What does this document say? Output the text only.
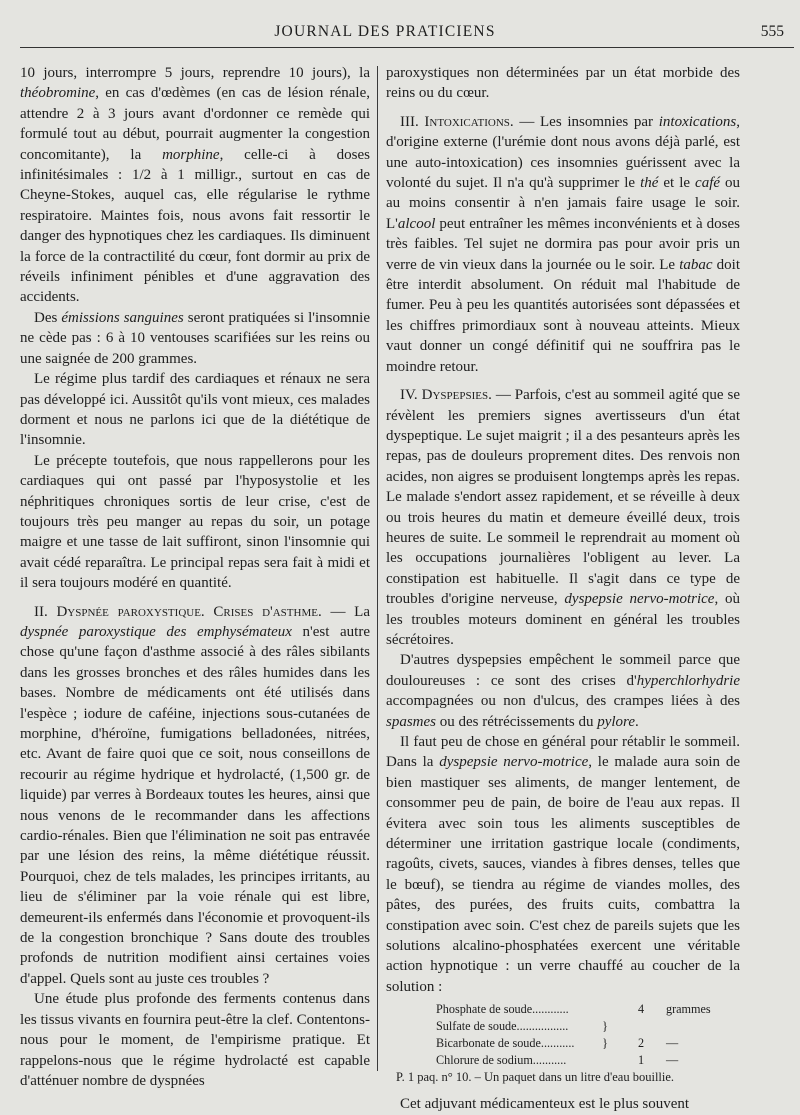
JOURNAL DES PRATICIENS	555

10 jours, interrompre 5 jours, reprendre 10 jours), la théobromine, en cas d'œdèmes (en cas de lésion rénale, attendre 2 à 3 jours avant d'ordonner ce remède qui formulé tout au début, pourrait augmenter la congestion concomitante), la morphine, celle-ci à doses infinitésimales : 1/2 à 1 milligr., surtout en cas de Cheyne-Stokes, auquel cas, elle régularise le rythme respiratoire. Maintes fois, nous avons fait ressortir le danger des hypnotiques chez les cardiaques. Ils diminuent la force de la contractilité du cœur, font dormir au prix de réveils infiniment pénibles et d'une aggravation des accidents.

Des émissions sanguines seront pratiquées si l'insomnie ne cède pas : 6 à 10 ventouses scarifiées sur les reins ou une saignée de 200 grammes.

Le régime plus tardif des cardiaques et rénaux ne sera pas développé ici. Aussitôt qu'ils vont mieux, ces malades dorment et nous ne parlons ici que de la diététique de l'insomnie.

Le précepte toutefois, que nous rappellerons pour les cardiaques qui ont passé par l'hyposystolie et les néphritiques chroniques sortis de leur crise, c'est de toujours très peu manger au repas du soir, un potage maigre et une tasse de lait suffiront, sinon l'insomnie qui avait cédé reparaîtra. Le principal repas sera fait à midi et il sera toujours modéré en quantité.

II. Dyspnée paroxystique. Crises d'asthme. — La dyspnée paroxystique des emphysémateux n'est autre chose qu'une façon d'asthme associé à des râles sibilants dans les grosses bronches et des râles humides dans les bases. Nombre de médicaments ont été utilisés dans l'espèce ; iodure de caféine, injections sous-cutanées de morphine, d'héroïne, fumigations belladonées, nitrées, etc. Avant de faire quoi que ce soit, nous conseillons de recourir au régime hydrique et hydrolacté, (1,500 gr. de liquide) par verres à Bordeaux toutes les heures, ainsi que nous venons de le recommander dans les affections cardio-rénales. Bien que l'élimination ne soit pas entravée par une lésion des reins, la même diététique réussit. Pourquoi, chez de tels malades, les principes irritants, au lieu de s'éliminer par la voie rénale qui est libre, demeurent-ils enfermés dans l'économie et provoquent-ils de la congestion bronchique ? Sans doute des troubles profonds de nutrition modifient ainsi certaines voies d'appel. Quels sont au juste ces troubles ?

Une étude plus profonde des ferments contenus dans les tissus vivants en fournira peut-être la clef. Contentons-nous pour le moment, de l'empirisme pratique. Et rappelons-nous que le régime hydrolacté est capable d'atténuer nombre de dyspnées

paroxystiques non déterminées par un état morbide des reins ou du cœur.

III. Intoxications. — Les insomnies par intoxications, d'origine externe (l'urémie dont nous avons déjà parlé, est une auto-intoxication) ces insomnies guérissent avec la volonté du sujet. Il n'a qu'à supprimer le thé et le café ou au moins consentir à n'en jamais faire usage le soir. L'alcool peut entraîner les mêmes inconvénients et à doses très faibles. Tel sujet ne dormira pas pour avoir pris un verre de vin vieux dans la journée ou le soir. Le tabac doit être interdit absolument. On réduit mal l'habitude de fumer. Peu à peu les quantités autorisées sont dépassées et les chiffres primordiaux sont à nouveau atteints. Mieux vaut donner un congé définitif qui ne souffrira pas le moindre retour.

IV. Dyspepsies. — Parfois, c'est au sommeil agité que se révèlent les premiers signes avertisseurs d'un état dyspeptique. Le sujet maigrit ; il a des pesanteurs après les repas, pas de douleurs proprement dites. Des renvois non acides, non aigres se produisent longtemps après les repas. Le malade s'endort assez rapidement, et se réveille à deux ou trois heures du matin et demeure éveillé deux, trois heures de suite. Le sommeil le reprendrait au moment où les occupations journalières l'obligent au lever. La constipation est habituelle. Il s'agit dans ce type de troubles d'origine nerveuse, dyspepsie nervo-motrice, où les troubles moteurs dominent en général les troubles sécrétoires.

D'autres dyspepsies empêchent le sommeil parce que douloureuses : ce sont des crises d'hyperchlorhydrie accompagnées ou non d'ulcus, des crampes liées à des spasmes ou des rétrécissements du pylore.

Il faut peu de chose en général pour rétablir le sommeil. Dans la dyspepsie nervo-motrice, le malade aura soin de bien mastiquer ses aliments, de manger lentement, de consommer peu de pain, de boire de l'eau aux repas. Il évitera avec soin tous les aliments susceptibles de déterminer une irritation gastrique locale (condiments, ragoûts, civets, sauces, viandes à fibres denses, telles que le bœuf), se tiendra au régime de viandes molles, des pâtes, des purées, des fruits cuits, combattra la constipation avec soin. C'est chez de pareils sujets que les solutions alcalino-phosphatées exercent une véritable action hypnotique : un verre chauffé au coucher de la solution :

Phosphate de soude............	4	grammes
Sulfate de soude.................	}
Bicarbonate de soude...........	}	2	—
Chlorure de sodium...........	1	—
P. 1 paq. n° 10. – Un paquet dans un litre d'eau bouillie.

Cet adjuvant médicamenteux est le plus souvent
